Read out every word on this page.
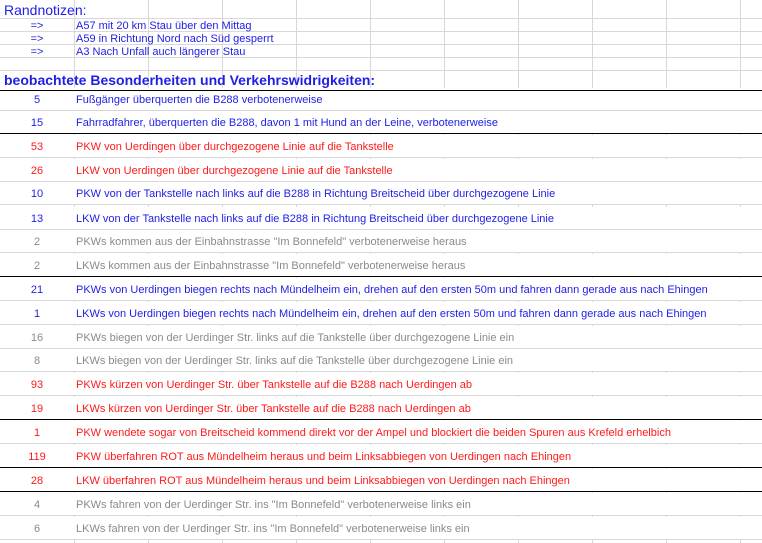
Randnotizen:
=>	A57 mit 20 km Stau über den Mittag
=>	A59 in Richtung Nord nach Süd gesperrt
=>	A3 Nach Unfall auch längerer Stau
beobachtete Besonderheiten und Verkehrswidrigkeiten:
5	Fußgänger überquerten die B288 verbotenerweise
15	Fahrradfahrer, überquerten die B288, davon 1 mit Hund an der Leine, verbotenerweise
53	PKW von Uerdingen über durchgezogene Linie auf die Tankstelle
26	LKW von Uerdingen über durchgezogene Linie auf die Tankstelle
10	PKW von der Tankstelle nach links auf die B288 in Richtung Breitscheid über durchgezogene Linie
13	LKW von der Tankstelle nach links auf die B288 in Richtung Breitscheid über durchgezogene Linie
2	PKWs kommen aus der Einbahnstrasse "Im Bonnefeld" verbotenerweise heraus
2	LKWs kommen aus der Einbahnstrasse "Im Bonnefeld" verbotenerweise heraus
21	PKWs von Uerdingen biegen rechts nach Mündelheim ein, drehen auf den ersten 50m und fahren dann gerade aus nach Ehingen
1	LKWs von Uerdingen biegen rechts nach Mündelheim ein, drehen auf den ersten 50m und fahren dann gerade aus nach Ehingen
16	PKWs biegen von der Uerdinger Str. links auf die Tankstelle über durchgezogene Linie ein
8	LKWs biegen von der Uerdinger Str. links auf die Tankstelle über durchgezogene Linie ein
93	PKWs kürzen von Uerdinger Str. über Tankstelle auf die B288 nach Uerdingen ab
19	LKWs kürzen von Uerdinger Str. über Tankstelle auf die B288 nach Uerdingen ab
1	PKW wendete sogar von Breitscheid kommend direkt vor der Ampel und blockiert die beiden Spuren aus Krefeld erhelbich
119	PKW überfahren ROT aus Mündelheim heraus und beim Linksabbiegen von Uerdingen nach Ehingen
28	LKW überfahren ROT aus Mündelheim heraus und beim Linksabbiegen von Uerdingen nach Ehingen
4	PKWs fahren von der Uerdinger Str. ins "Im Bonnefeld" verbotenerweise links ein
6	LKWs fahren von der Uerdinger Str. ins "Im Bonnefeld" verbotenerweise links ein
